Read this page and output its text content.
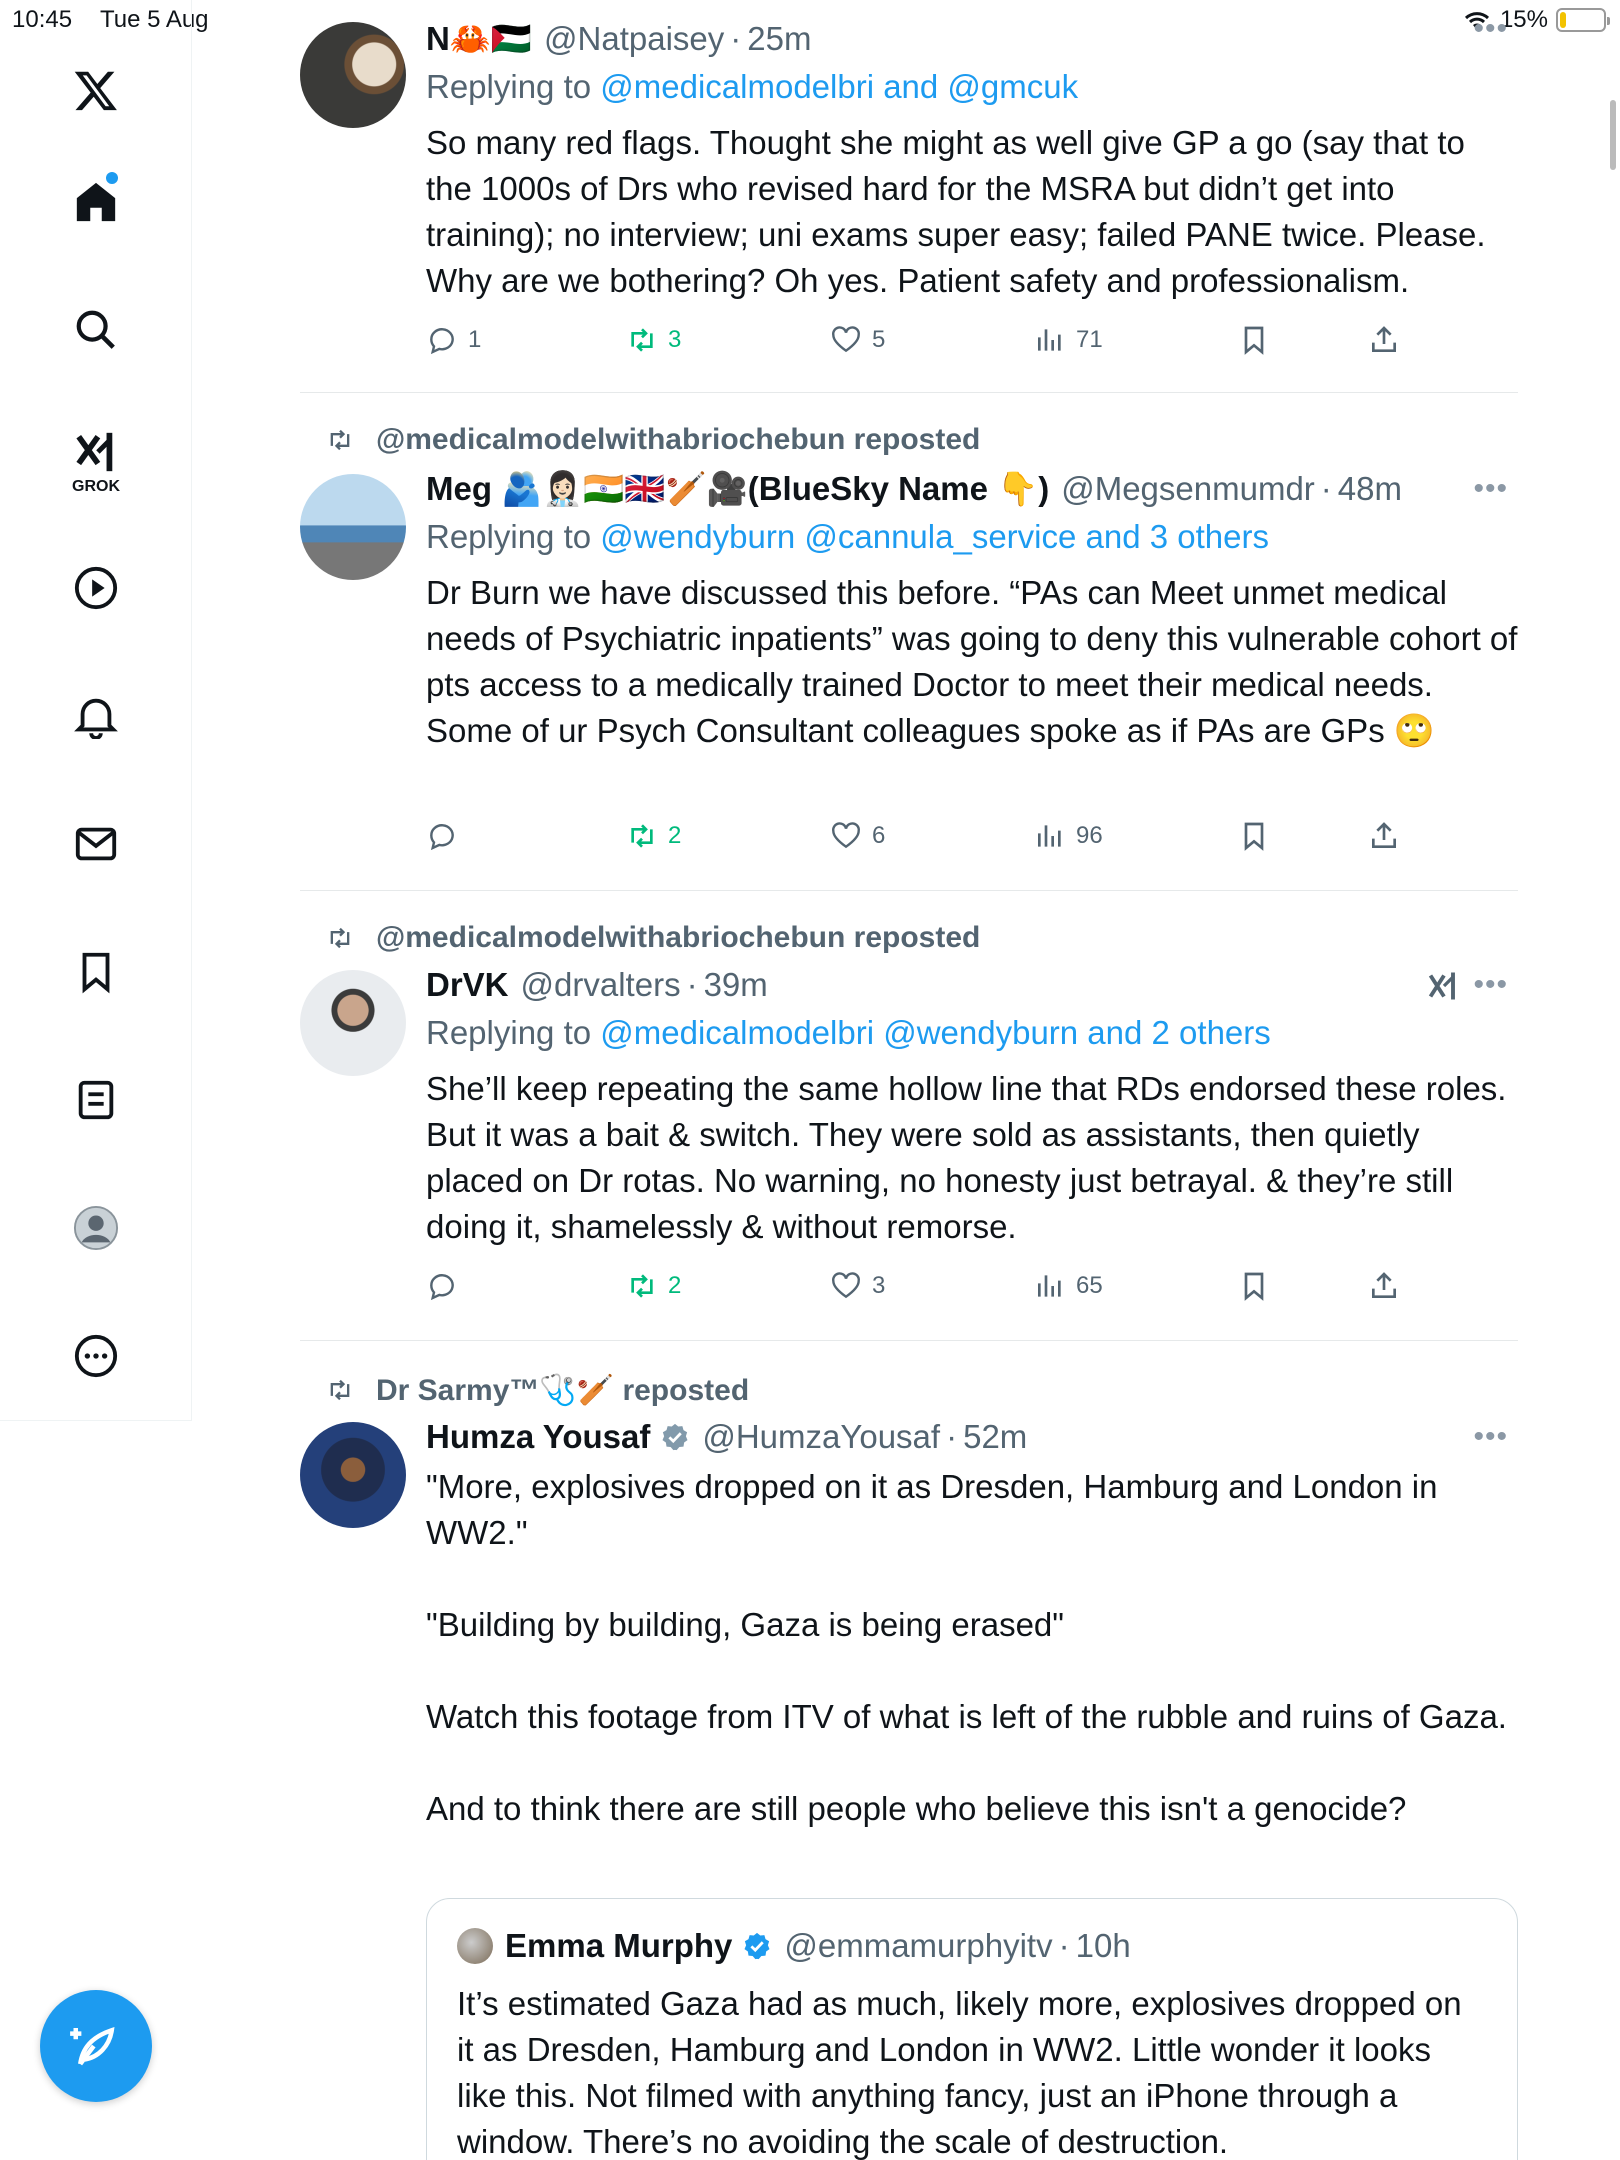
10:45 Tue 5 Aug	15%
GROK
N🦀🇵🇸 @Natpaisey · 25m	•••
Replying to @medicalmodelbri and @gmcuk
So many red flags. Thought she might as well give GP a go (say that to the 1000s of Drs who revised hard for the MSRA but didn’t get into training); no interview; uni exams super easy; failed PANE twice. Please. Why are we bothering? Oh yes. Patient safety and professionalism.
1	3	5	71
@medicalmodelwithabriochebun reposted
Meg 🫂👩🏻‍⚕️🇮🇳🇬🇧🏏🎥(BlueSky Name 👇) @Megsenmumdr · 48m •••
Replying to @wendyburn @cannula_service and 3 others
Dr Burn we have discussed this before. “PAs can Meet unmet medical needs of Psychiatric inpatients” was going to deny this vulnerable cohort of pts access to a medically trained Doctor to meet their medical needs. Some of ur Psych Consultant colleagues spoke as if PAs are GPs 🙄
2	6	96
@medicalmodelwithabriochebun reposted
DrVK @drvalters · 39m	•••
Replying to @medicalmodelbri @wendyburn and 2 others
She’ll keep repeating the same hollow line that RDs endorsed these roles. But it was a bait & switch. They were sold as assistants, then quietly placed on Dr rotas. No warning, no honesty just betrayal. & they’re still doing it, shamelessly & without remorse.
2	3	65
Dr Sarmy™🩺🏏 reposted
Humza Yousaf @HumzaYousaf · 52m	•••

"More, explosives dropped on it as Dresden, Hamburg and London in WW2."

"Building by building, Gaza is being erased"

Watch this footage from ITV of what is left of the rubble and ruins of Gaza.

And to think there are still people who believe this isn't a genocide?

Emma Murphy @emmamurphyitv · 10h
It’s estimated Gaza had as much, likely more, explosives dropped on it as Dresden, Hamburg and London in WW2. Little wonder it looks like this. Not filmed with anything fancy, just an iPhone through a window. There’s no avoiding the scale of destruction.
